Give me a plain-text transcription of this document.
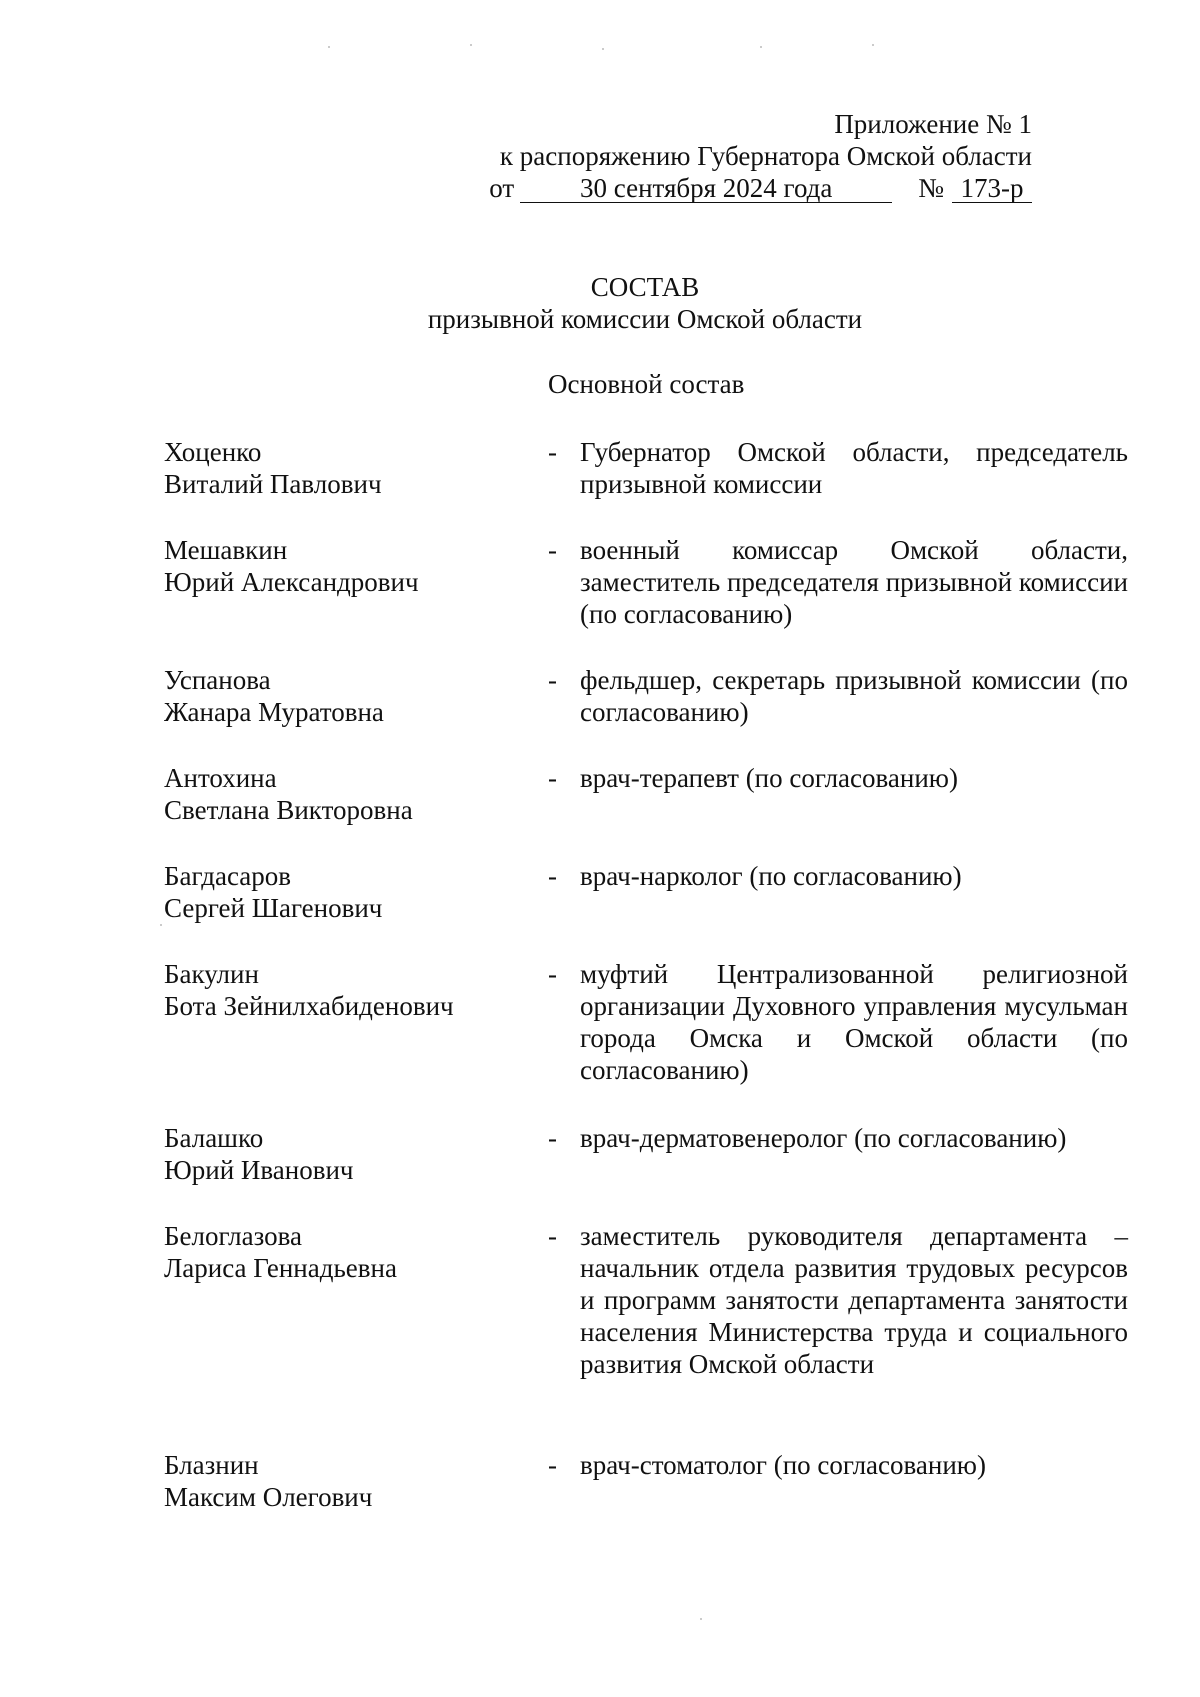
Приложение № 1
к распоряжению Губернатора Омской области
от	30 сентября 2024 года	№ 173-р
СОСТАВ
призывной комиссии Омской области
Основной состав
Хоценко
Виталий Павлович
- Губернатор Омской области, председатель призывной комиссии
Мешавкин
Юрий Александрович
- военный комиссар Омской области, заместитель председателя призывной комиссии (по согласованию)
Успанова
Жанара Муратовна
- фельдшер, секретарь призывной комиссии (по согласованию)
Антохина
Светлана Викторовна
- врач-терапевт (по согласованию)
Багдасаров
Сергей Шагенович
- врач-нарколог (по согласованию)
Бакулин
Бота Зейнилхабиденович
- муфтий Централизованной религиозной организации Духовного управления мусульман города Омска и Омской области (по согласованию)
Балашко
Юрий Иванович
- врач-дерматовенеролог (по согласованию)
Белоглазова
Лариса Геннадьевна
- заместитель руководителя департамента – начальник отдела развития трудовых ресурсов и программ занятости департамента занятости населения Министерства труда и социального развития Омской области
Блазнин
Максим Олегович
- врач-стоматолог (по согласованию)
